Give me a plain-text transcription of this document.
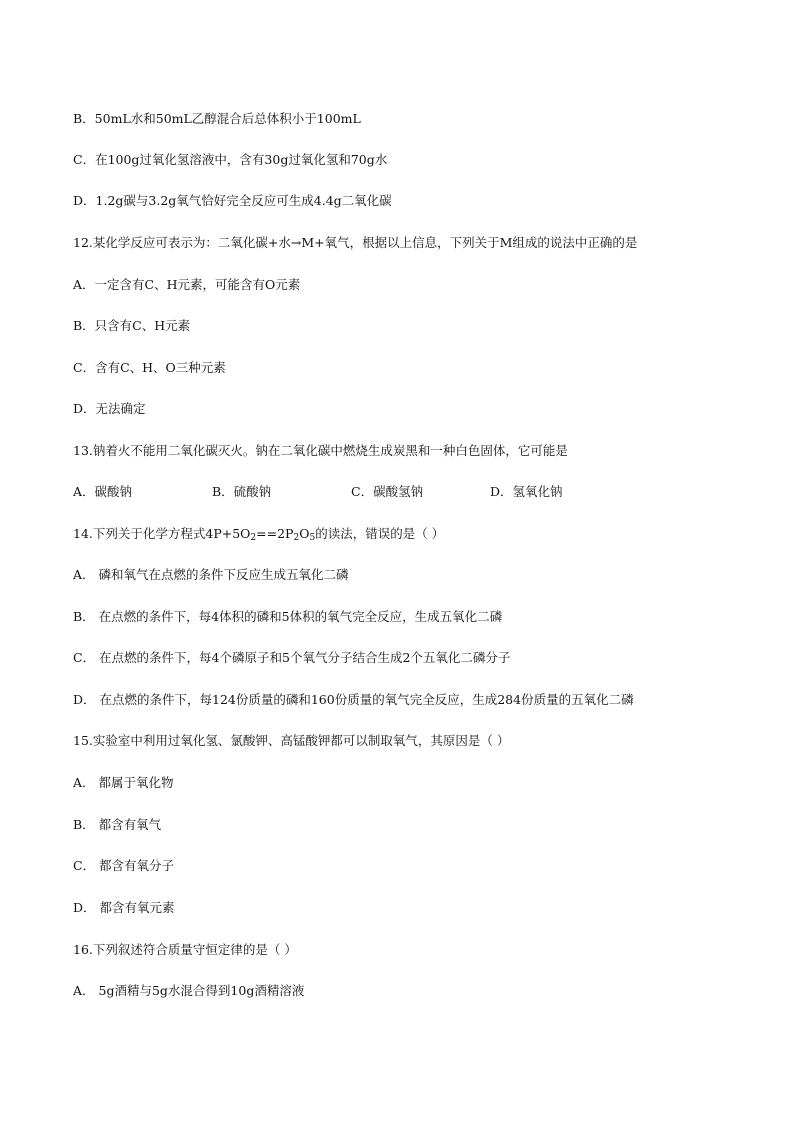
B．50mL水和50mL乙醇混合后总体积小于100mL
C．在100g过氧化氢溶液中，含有30g过氧化氢和70g水
D．1.2g碳与3.2g氧气恰好完全反应可生成4.4g二氧化碳
12.某化学反应可表示为：二氧化碳+水→M+氧气，根据以上信息，下列关于M组成的说法中正确的是
A．一定含有C、H元素，可能含有O元素
B．只含有C、H元素
C．含有C、H、O三种元素
D．无法确定
13.钠着火不能用二氧化碳灭火。钠在二氧化碳中燃烧生成炭黑和一种白色固体，它可能是
A．碳酸钠	B．硫酸钠	C．碳酸氢钠	D．氢氧化钠
14.下列关于化学方程式$4P+5O_2==2P_2O_5$的读法，错误的是（ ）
A． 磷和氧气在点燃的条件下反应生成五氧化二磷
B． 在点燃的条件下，每4体积的磷和5体积的氧气完全反应，生成五氧化二磷
C． 在点燃的条件下，每4个磷原子和5个氧气分子结合生成2个五氧化二磷分子
D． 在点燃的条件下，每124份质量的磷和160份质量的氧气完全反应，生成284份质量的五氧化二磷
15.实验室中利用过氧化氢、氯酸钾、高锰酸钾都可以制取氧气，其原因是（ ）
A． 都属于氧化物
B． 都含有氧气
C． 都含有氧分子
D． 都含有氧元素
16.下列叙述符合质量守恒定律的是（ ）
A． 5g酒精与5g水混合得到10g酒精溶液
